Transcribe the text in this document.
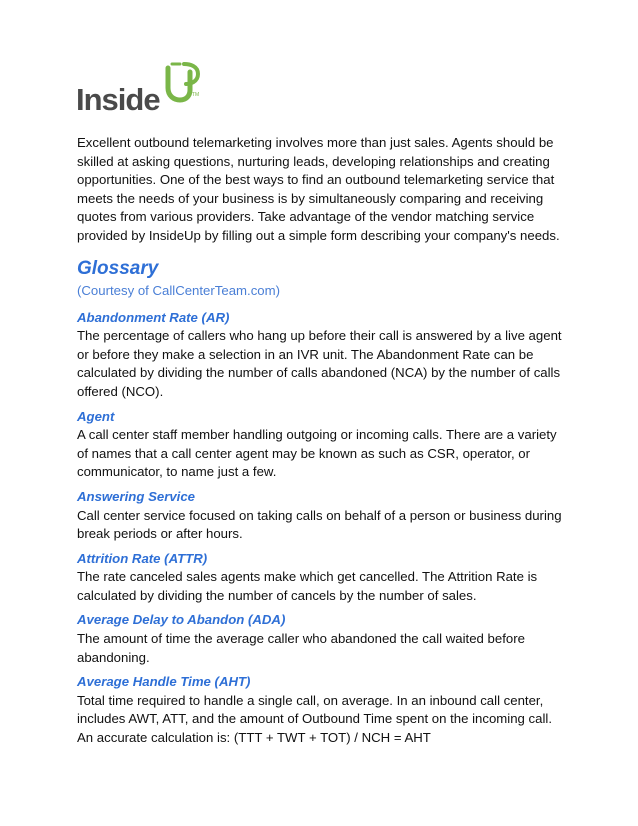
Inside	TM

Excellent outbound telemarketing involves more than just sales. Agents should be skilled at asking questions, nurturing leads, developing relationships and creating opportunities. One of the best ways to find an outbound telemarketing service that meets the needs of your business is by simultaneously comparing and receiving quotes from various providers. Take advantage of the vendor matching service provided by InsideUp by filling out a simple form describing your company's needs.

Glossary

(Courtesy of CallCenterTeam.com)

Abandonment Rate (AR)

The percentage of callers who hang up before their call is answered by a live agent or before they make a selection in an IVR unit. The Abandonment Rate can be calculated by dividing the number of calls abandoned (NCA) by the number of calls offered (NCO).

Agent

A call center staff member handling outgoing or incoming calls. There are a variety of names that a call center agent may be known as such as CSR, operator, or communicator, to name just a few.

Answering Service

Call center service focused on taking calls on behalf of a person or business during break periods or after hours.

Attrition Rate (ATTR)

The rate canceled sales agents make which get cancelled. The Attrition Rate is calculated by dividing the number of cancels by the number of sales.

Average Delay to Abandon (ADA)

The amount of time the average caller who abandoned the call waited before abandoning.

Average Handle Time (AHT)

Total time required to handle a single call, on average. In an inbound call center, includes AWT, ATT, and the amount of Outbound Time spent on the incoming call. An accurate calculation is: (TTT + TWT + TOT) / NCH = AHT
